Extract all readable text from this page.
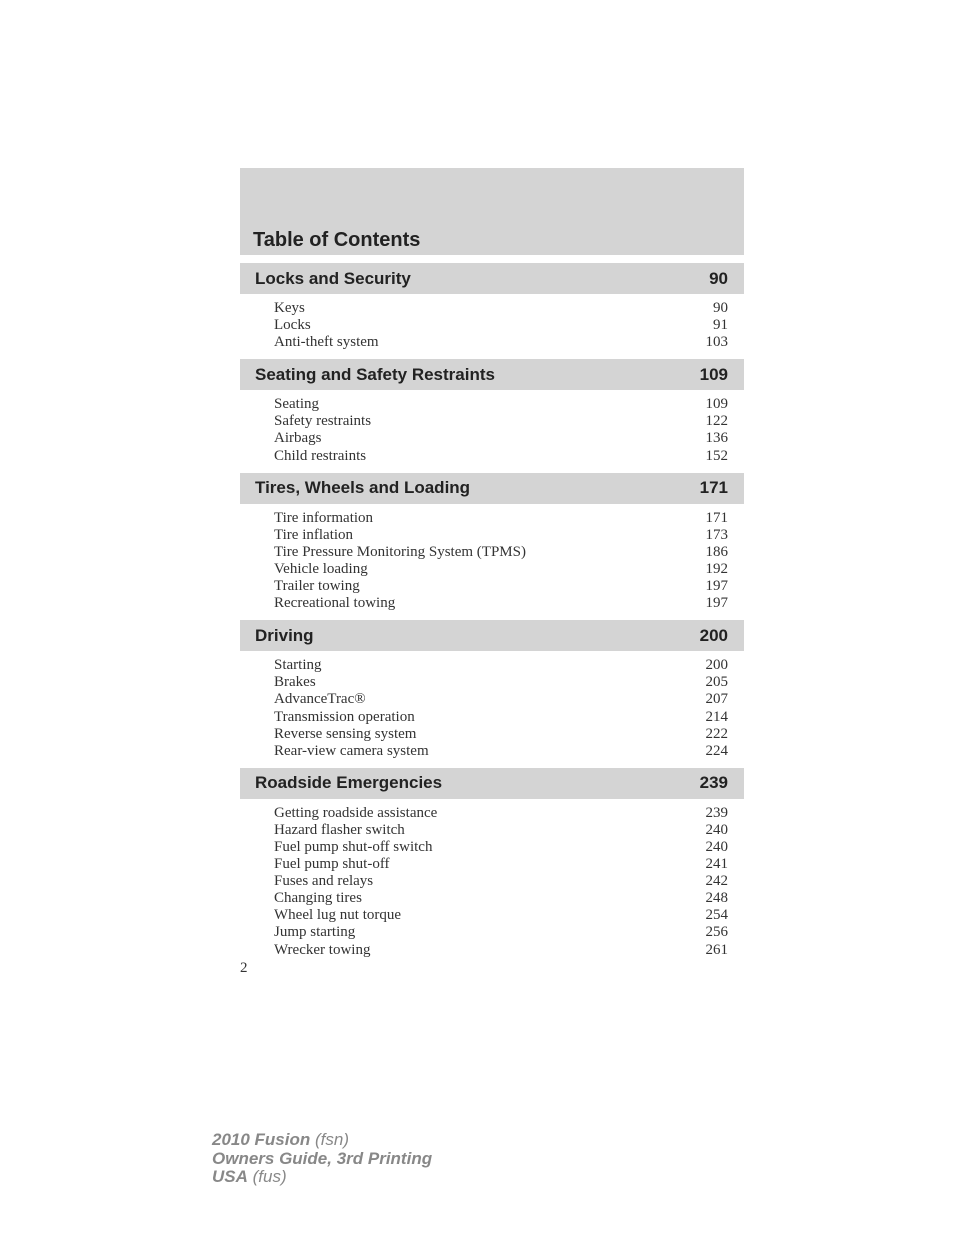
Table of Contents
Locks and Security	90
Keys	90
Locks	91
Anti-theft system	103
Seating and Safety Restraints	109
Seating	109
Safety restraints	122
Airbags	136
Child restraints	152
Tires, Wheels and Loading	171
Tire information	171
Tire inflation	173
Tire Pressure Monitoring System (TPMS)	186
Vehicle loading	192
Trailer towing	197
Recreational towing	197
Driving	200
Starting	200
Brakes	205
AdvanceTrac®	207
Transmission operation	214
Reverse sensing system	222
Rear-view camera system	224
Roadside Emergencies	239
Getting roadside assistance	239
Hazard flasher switch	240
Fuel pump shut-off switch	240
Fuel pump shut-off	241
Fuses and relays	242
Changing tires	248
Wheel lug nut torque	254
Jump starting	256
Wrecker towing	261
2
2010 Fusion (fsn)
Owners Guide, 3rd Printing
USA (fus)
